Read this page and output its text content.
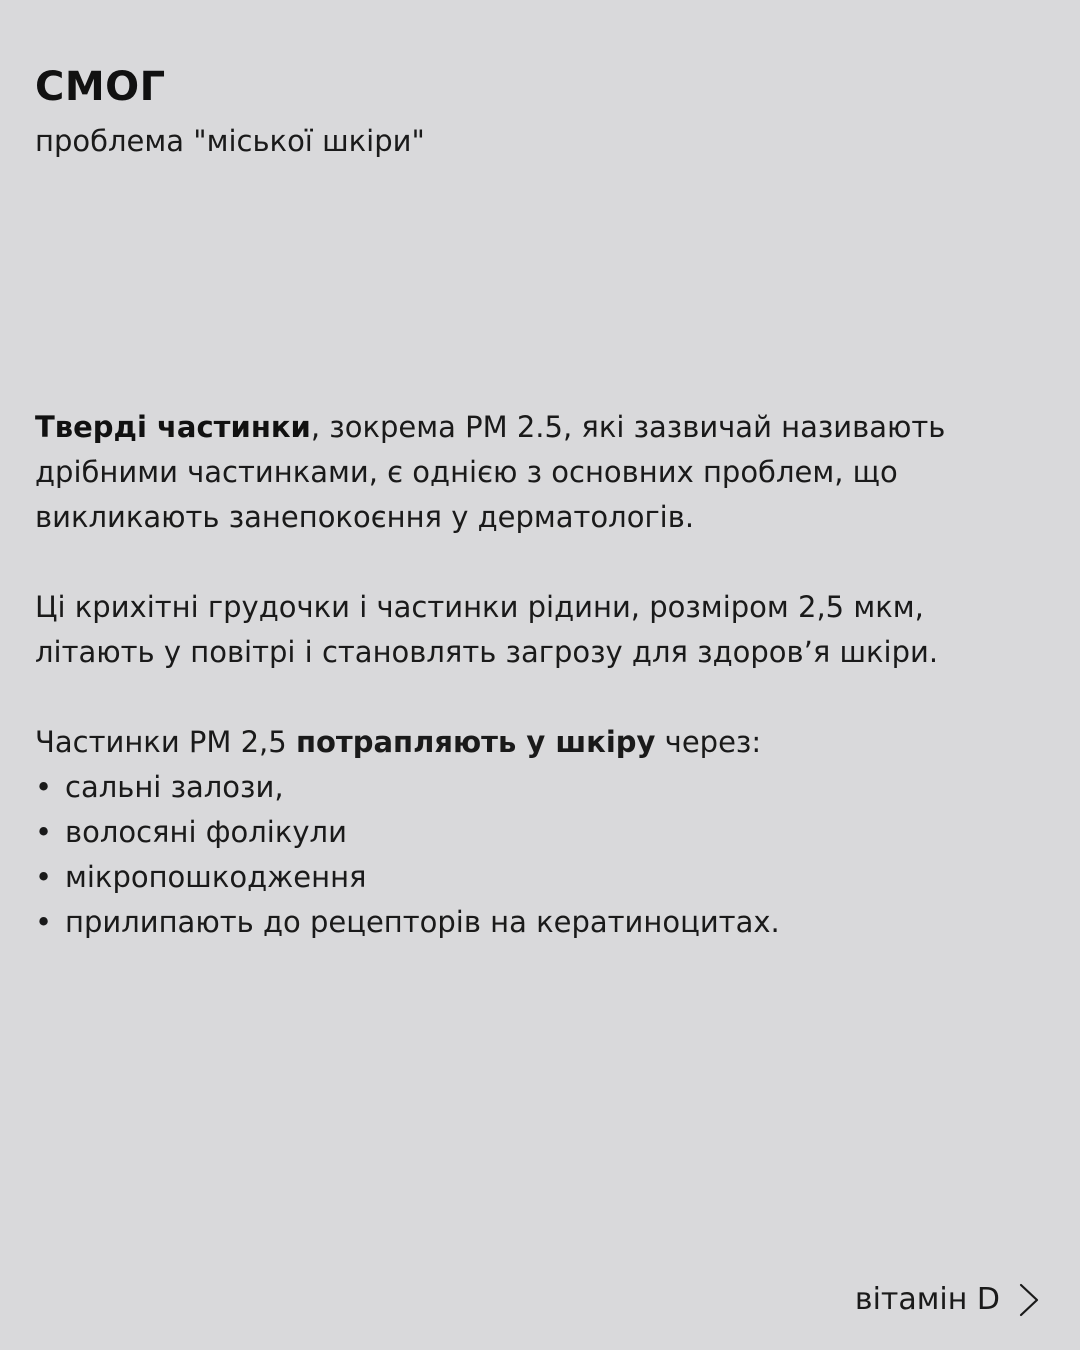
СМОГ
проблема "міської шкіри"

Тверді частинки, зокрема PM 2.5, які зазвичай називають дрібними частинками, є однією з основних проблем, що викликають занепокоєння у дерматологів.

Ці крихітні грудочки і частинки рідини, розміром 2,5 мкм, літають у повітрі і становлять загрозу для здоров’я шкіри.

Частинки PM 2,5 потрапляють у шкіру через:

• сальні залози,
• волосяні фолікули
• мікропошкодження
• прилипають до рецепторів на кератиноцитах.
вітамін D
